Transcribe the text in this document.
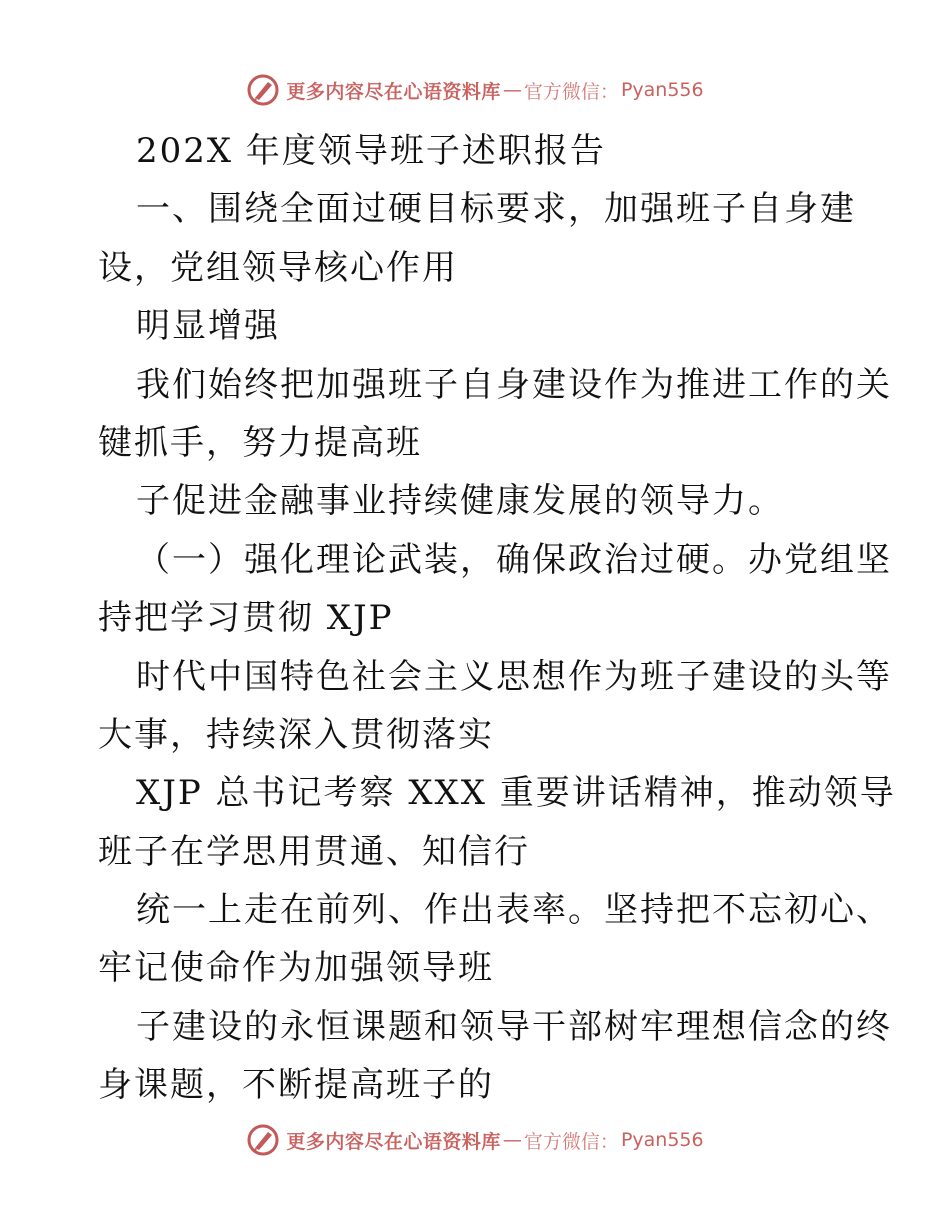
更多内容尽在心语资料库 — 官方微信： Pyan556
202X 年度领导班子述职报告
一、围绕全面过硬目标要求，加强班子自身建
设，党组领导核心作用
明显增强
我们始终把加强班子自身建设作为推进工作的关
键抓手，努力提高班
子促进金融事业持续健康发展的领导力。
（一）强化理论武装，确保政治过硬。办党组坚
持把学习贯彻 XJP
时代中国特色社会主义思想作为班子建设的头等
大事，持续深入贯彻落实
XJP 总书记考察 XXX 重要讲话精神，推动领导
班子在学思用贯通、知信行
统一上走在前列、作出表率。坚持把不忘初心、
牢记使命作为加强领导班
子建设的永恒课题和领导干部树牢理想信念的终
身课题，不断提高班子的
更多内容尽在心语资料库 — 官方微信： Pyan556
